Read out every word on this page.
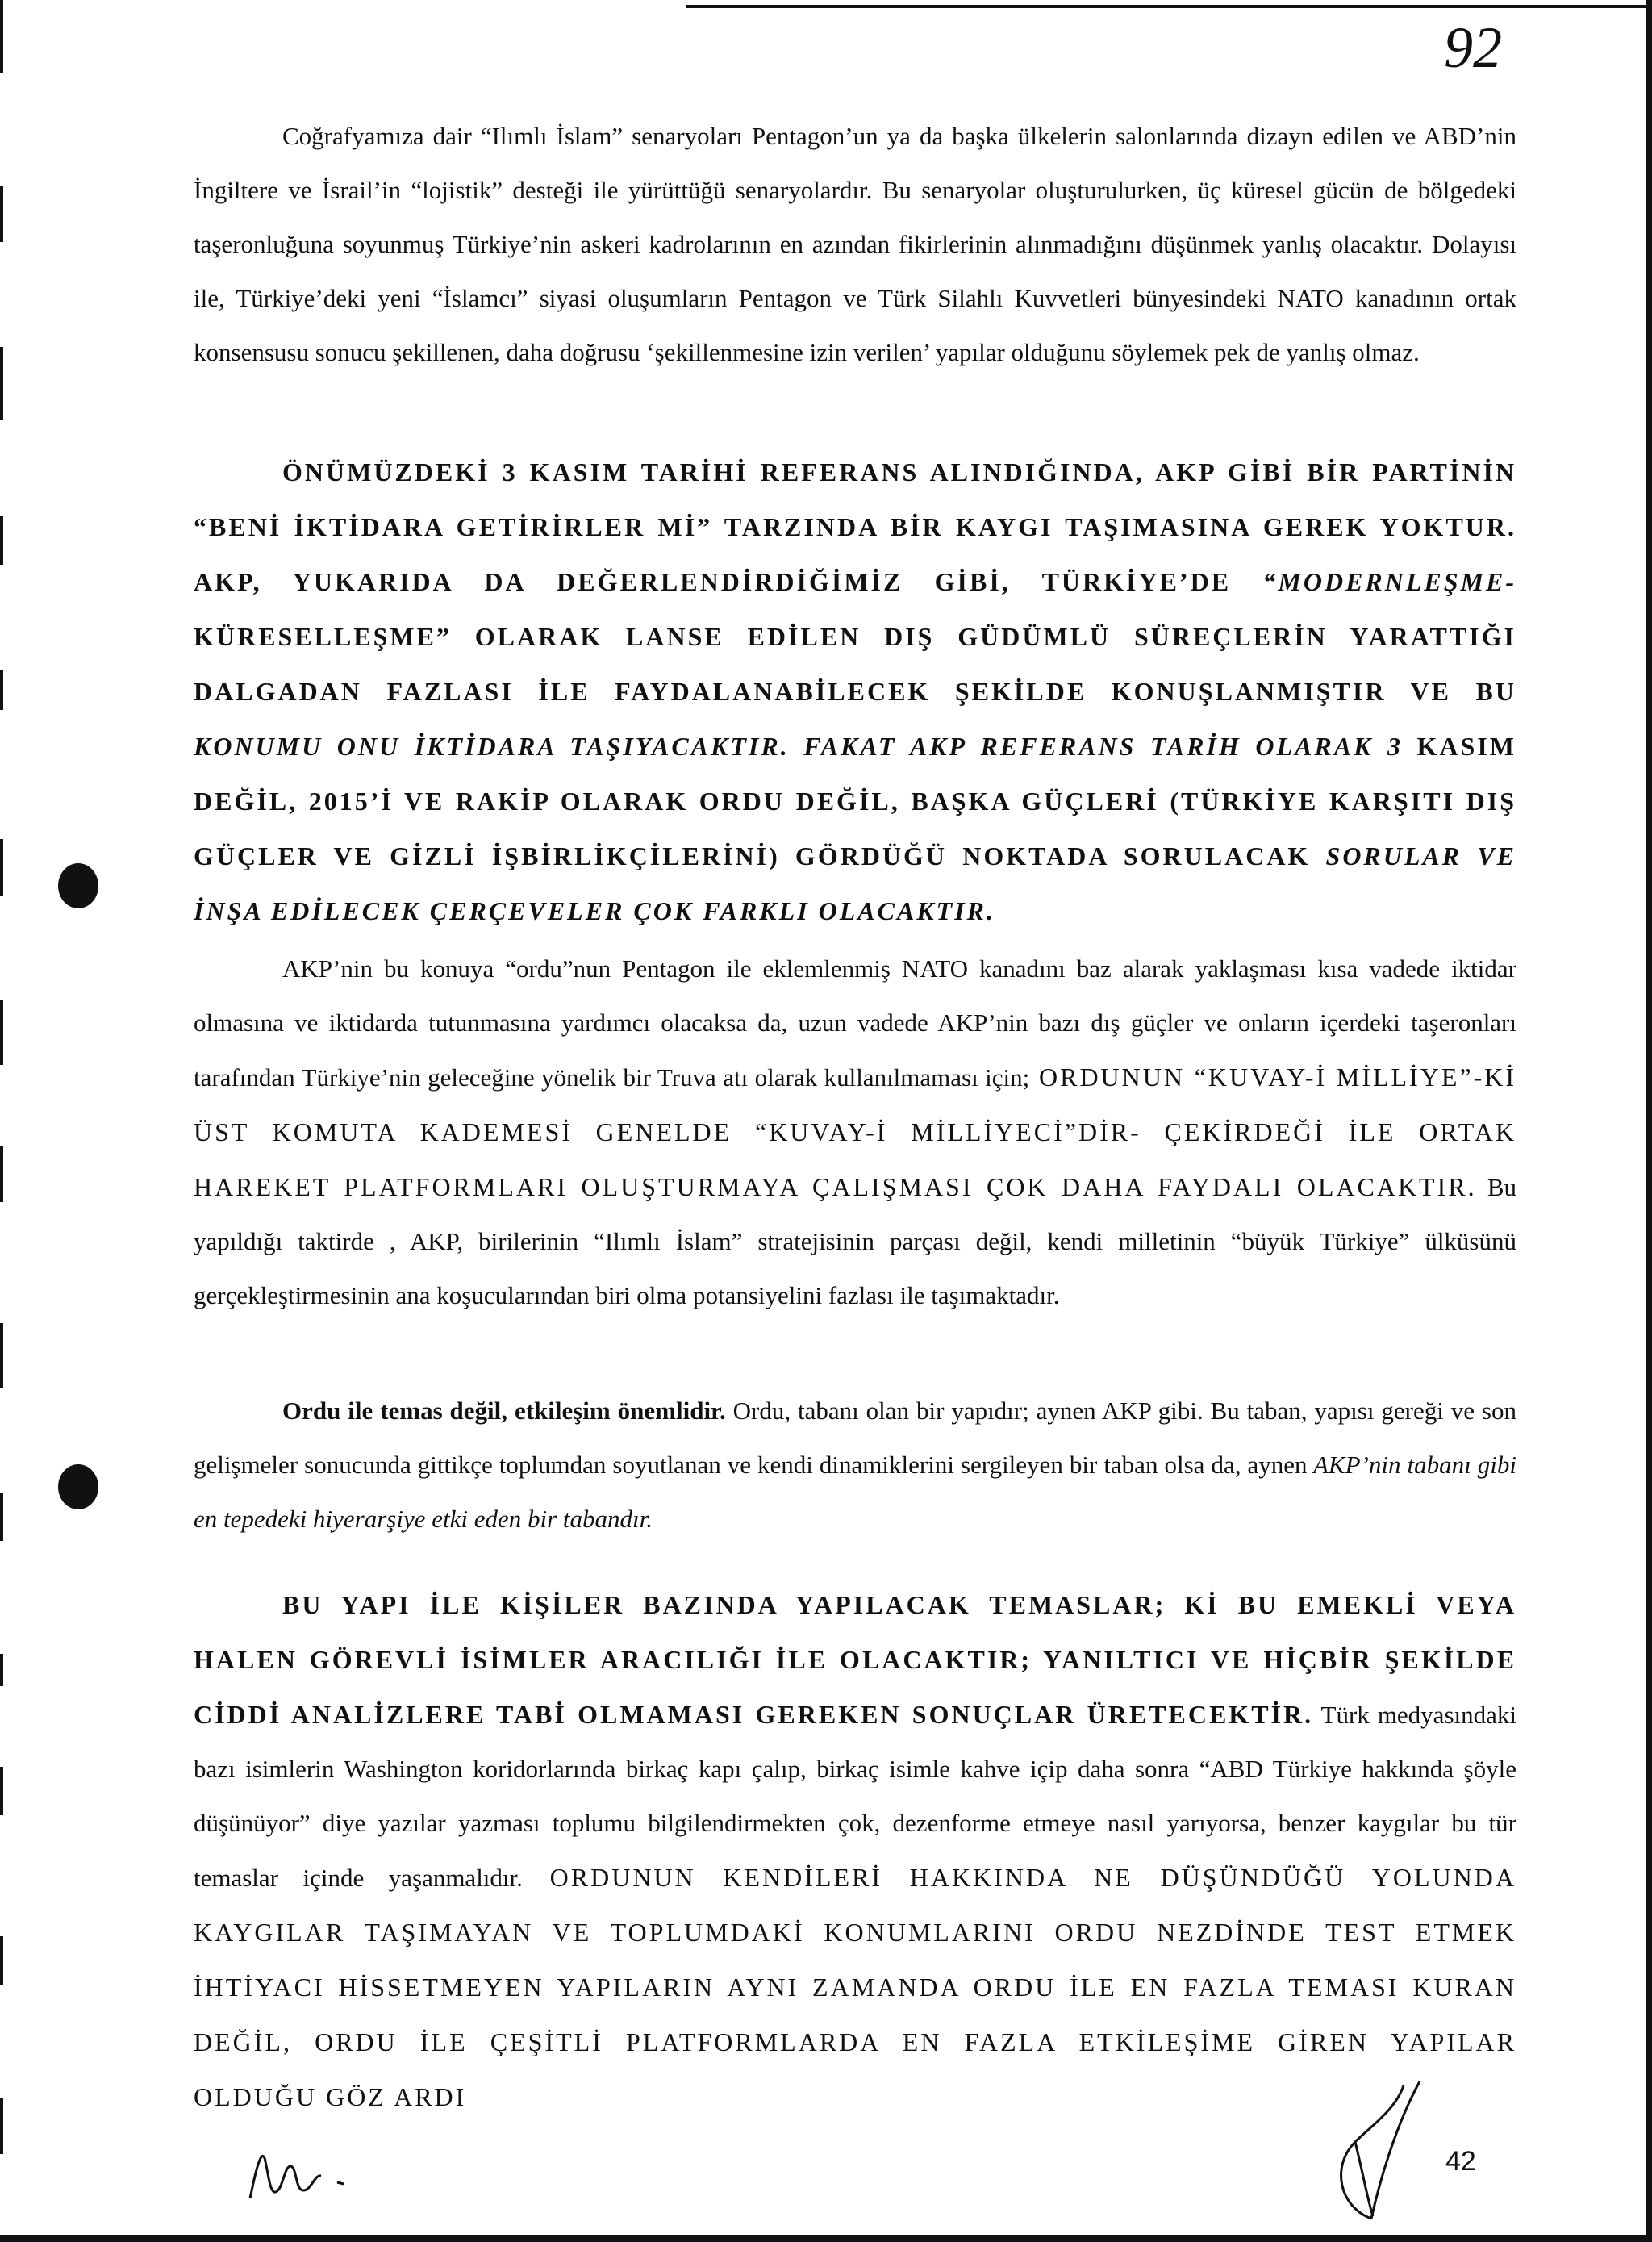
92

Coğrafyamıza dair “Ilımlı İslam” senaryoları Pentagon’un ya da başka ülkelerin salonlarında dizayn edilen ve ABD’nin İngiltere ve İsrail’in “lojistik” desteği ile yürüttüğü senaryolardır. Bu senaryolar oluşturulurken, üç küresel gücün de bölgedeki taşeronluğuna soyunmuş Türkiye’nin askeri kadrolarının en azından fikirlerinin alınmadığını düşünmek yanlış olacaktır. Dolayısı ile, Türkiye’deki yeni “İslamcı” siyasi oluşumların Pentagon ve Türk Silahlı Kuvvetleri bünyesindeki NATO kanadının ortak konsensusu sonucu şekillenen, daha doğrusu ‘şekillenmesine izin verilen’ yapılar olduğunu söylemek pek de yanlış olmaz.

ÖNÜMÜZDEKİ 3 KASIM TARİHİ REFERANS ALINDIĞINDA, AKP GİBİ BİR PARTİNİN “BENİ İKTİDARA GETİRİRLER Mİ” TARZINDA BİR KAYGI TAŞIMASINA GEREK YOKTUR. AKP, YUKARIDA DA DEĞERLENDİRDİĞİMİZ GİBİ, TÜRKİYE’DE “MODERNLEŞME- KÜRESELLEŞME” OLARAK LANSE EDİLEN DIŞ GÜDÜMLÜ SÜREÇLERİN YARATTIĞI DALGADAN FAZLASI İLE FAYDALANABİLECEK ŞEKİLDE KONUŞLANMIŞTIR VE BU KONUMU ONU İKTİDARA TAŞIYACAKTIR. FAKAT AKP REFERANS TARİH OLARAK 3 KASIM DEĞİL, 2015’İ VE RAKİP OLARAK ORDU DEĞİL, BAŞKA GÜÇLERİ (TÜRKİYE KARŞITI DIŞ GÜÇLER VE GİZLİ İŞBİRLİKÇİLERİNİ) GÖRDÜĞÜ NOKTADA SORULACAK SORULAR VE İNŞA EDİLECEK ÇERÇEVELER ÇOK FARKLI OLACAKTIR.

AKP’nin bu konuya “ordu”nun Pentagon ile eklemlenmiş NATO kanadını baz alarak yaklaşması kısa vadede iktidar olmasına ve iktidarda tutunmasına yardımcı olacaksa da, uzun vadede AKP’nin bazı dış güçler ve onların içerdeki taşeronları tarafından Türkiye’nin geleceğine yönelik bir Truva atı olarak kullanılmaması için; ORDUNUN “KUVAY-İ MİLLİYE”-Kİ ÜST KOMUTA KADEMESİ GENELDE “KUVAY-İ MİLLİYECİ”DİR- ÇEKİRDEĞİ İLE ORTAK HAREKET PLATFORMLARI OLUŞTURMAYA ÇALIŞMASI ÇOK DAHA FAYDALI OLACAKTIR. Bu yapıldığı taktirde , AKP, birilerinin “Ilımlı İslam” stratejisinin parçası değil, kendi milletinin “büyük Türkiye” ülküsünü gerçekleştirmesinin ana koşucularından biri olma potansiyelini fazlası ile taşımaktadır.

Ordu ile temas değil, etkileşim önemlidir. Ordu, tabanı olan bir yapıdır; aynen AKP gibi. Bu taban, yapısı gereği ve son gelişmeler sonucunda gittikçe toplumdan soyutlanan ve kendi dinamiklerini sergileyen bir taban olsa da, aynen AKP’nin tabanı gibi en tepedeki hiyerarşiye etki eden bir tabandır.

BU YAPI İLE KİŞİLER BAZINDA YAPILACAK TEMASLAR; Kİ BU EMEKLİ VEYA HALEN GÖREVLİ İSİMLER ARACILIĞI İLE OLACAKTIR; YANILTICI VE HİÇBİR ŞEKİLDE CİDDİ ANALİZLERE TABİ OLMAMASI GEREKEN SONUÇLAR ÜRETECEKTİR. Türk medyasındaki bazı isimlerin Washington koridorlarında birkaç kapı çalıp, birkaç isimle kahve içip daha sonra “ABD Türkiye hakkında şöyle düşünüyor” diye yazılar yazması toplumu bilgilendirmekten çok, dezenforme etmeye nasıl yarıyorsa, benzer kaygılar bu tür temaslar içinde yaşanmalıdır. ORDUNUN KENDİLERİ HAKKINDA NE DÜŞÜNDÜĞÜ YOLUNDA KAYGILAR TAŞIMAYAN VE TOPLUMDAKİ KONUMLARINI ORDU NEZDİNDE TEST ETMEK İHTİYACI HİSSETMEYEN YAPILARIN AYNI ZAMANDA ORDU İLE EN FAZLA TEMASI KURAN DEĞİL, ORDU İLE ÇEŞİTLİ PLATFORMLARDA EN FAZLA ETKİLEŞİME GİREN YAPILAR OLDUĞU GÖZ ARDI

42
